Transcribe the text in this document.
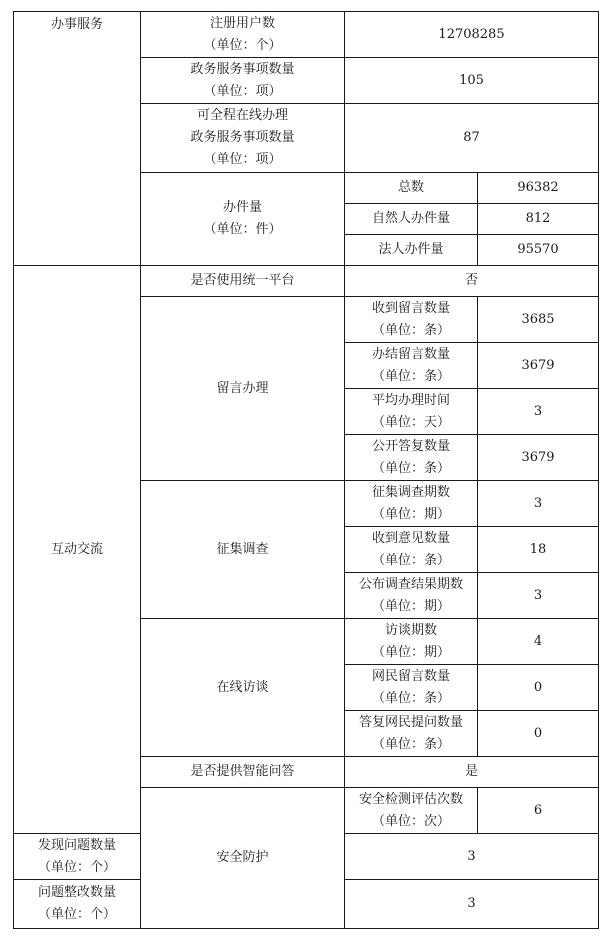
办事服务	注册用户数
（单位：个）	12708285	

	政务服务事项数量
（单位：项）	105	

	可全程在线办理
政务服务事项数量
（单位：项）	87	

	办件量
（单位：件）	总数	96382
		自然人办件量	812
		法人办件量	95570

互动交流	是否使用统一平台	否	
	留言办理	收到留言数量
（单位：条）	3685

		办结留言数量
（单位：条）	3679

		平均办理时间
（单位：天）	3

		公开答复数量
（单位：条）	3679
	征集调查	征集调查期数
（单位：期）	3

		收到意见数量
（单位：条）	18

		公布调查结果期数
（单位：期）	3
	在线访谈	访谈期数
（单位：期）	4

		网民留言数量
（单位：条）	0

		答复网民提问数量
（单位：条）	0
	是否提供智能问答	是	

	安全防护	安全检测评估次数
（单位：次）	6

发现问题数量
（单位：个）		3	

问题整改数量
（单位：个）		3	
